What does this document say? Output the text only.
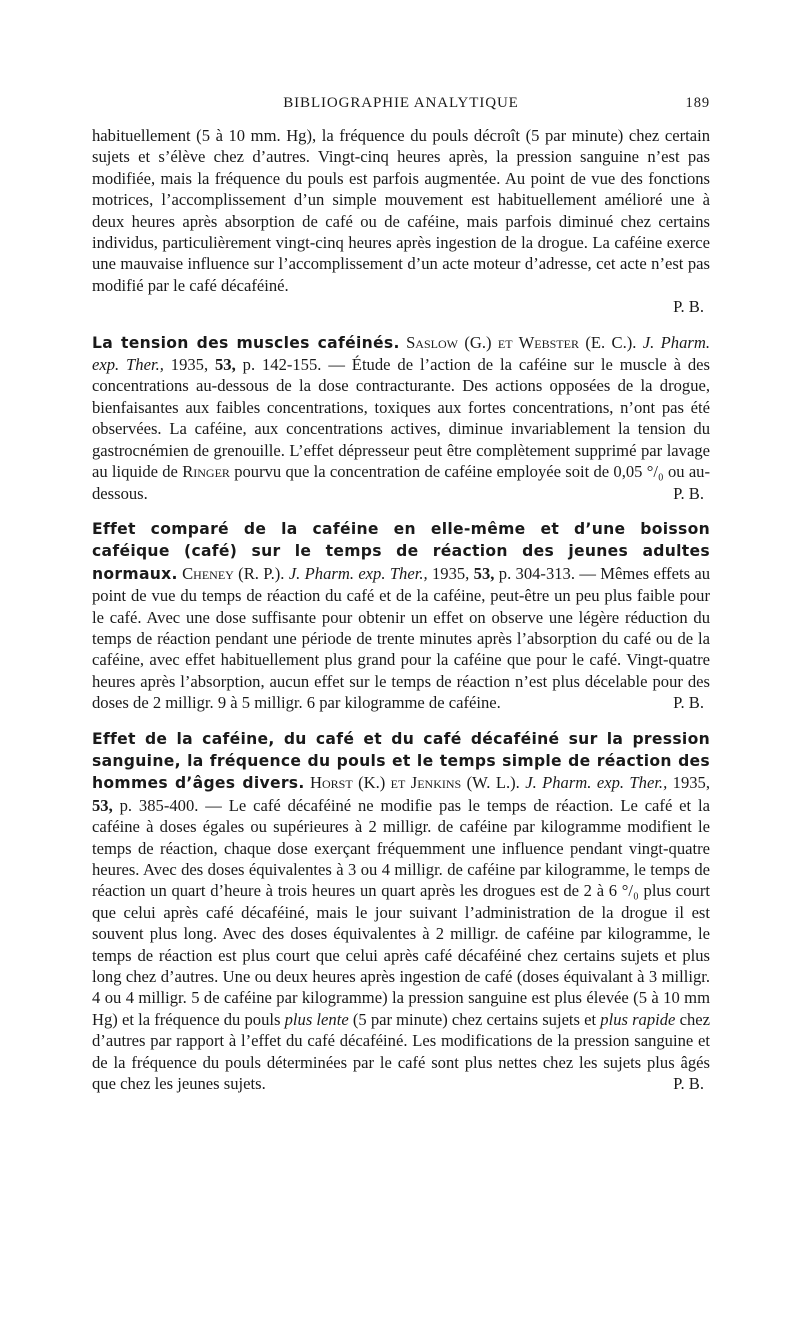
BIBLIOGRAPHIE ANALYTIQUE	189

habituellement (5 à 10 mm. Hg), la fréquence du pouls décroît (5 par minute) chez certain sujets et s’élève chez d’autres. Vingt-cinq heures après, la pression sanguine n’est pas modifiée, mais la fréquence du pouls est parfois augmentée. Au point de vue des fonctions motrices, l’accomplissement d’un simple mouvement est habituellement amélioré une à deux heures après absorption de café ou de caféine, mais parfois diminué chez certains individus, particulièrement vingt-cinq heures après ingestion de la drogue. La caféine exerce une mauvaise influence sur l’accomplissement d’un acte moteur d’adresse, cet acte n’est pas modifié par le café décaféiné.
P. B.

La tension des muscles caféinés. Saslow (G.) et Webster (E. C.). J. Pharm. exp. Ther., 1935, 53, p. 142-155. — Étude de l’action de la caféine sur le muscle à des concentrations au-dessous de la dose contracturante. Des actions opposées de la drogue, bienfaisantes aux faibles concentrations, toxiques aux fortes concentrations, n’ont pas été observées. La caféine, aux concentrations actives, diminue invariablement la tension du gastrocnémien de grenouille. L’effet dépresseur peut être complètement supprimé par lavage au liquide de Ringer pourvu que la concentration de caféine employée soit de 0,05 °/₀ ou au-dessous.	P. B.

Effet comparé de la caféine en elle-même et d’une boisson caféique (café) sur le temps de réaction des jeunes adultes normaux. Cheney (R. P.). J. Pharm. exp. Ther., 1935, 53, p. 304-313. — Mêmes effets au point de vue du temps de réaction du café et de la caféine, peut-être un peu plus faible pour le café. Avec une dose suffisante pour obtenir un effet on observe une légère réduction du temps de réaction pendant une période de trente minutes après l’absorption du café ou de la caféine, avec effet habituellement plus grand pour la caféine que pour le café. Vingt-quatre heures après l’absorption, aucun effet sur le temps de réaction n’est plus décelable pour des doses de 2 milligr. 9 à 5 milligr. 6 par kilogramme de caféine.	P. B.

Effet de la caféine, du café et du café décaféiné sur la pression sanguine, la fréquence du pouls et le temps simple de réaction des hommes d’âges divers. Horst (K.) et Jenkins (W. L.). J. Pharm. exp. Ther., 1935, 53, p. 385-400. — Le café décaféiné ne modifie pas le temps de réaction. Le café et la caféine à doses égales ou supérieures à 2 milligr. de caféine par kilogramme modifient le temps de réaction, chaque dose exerçant fréquemment une influence pendant vingt-quatre heures. Avec des doses équivalentes à 3 ou 4 milligr. de caféine par kilogramme, le temps de réaction un quart d’heure à trois heures un quart après les drogues est de 2 à 6 °/₀ plus court que celui après café décaféiné, mais le jour suivant l’administration de la drogue il est souvent plus long. Avec des doses équivalentes à 2 milligr. de caféine par kilogramme, le temps de réaction est plus court que celui après café décaféiné chez certains sujets et plus long chez d’autres. Une ou deux heures après ingestion de café (doses équivalant à 3 milligr. 4 ou 4 milligr. 5 de caféine par kilogramme) la pression sanguine est plus élevée (5 à 10 mm Hg) et la fréquence du pouls plus lente (5 par minute) chez certains sujets et plus rapide chez d’autres par rapport à l’effet du café décaféiné. Les modifications de la pression sanguine et de la fréquence du pouls déterminées par le café sont plus nettes chez les sujets plus âgés que chez les jeunes sujets.	P. B.
